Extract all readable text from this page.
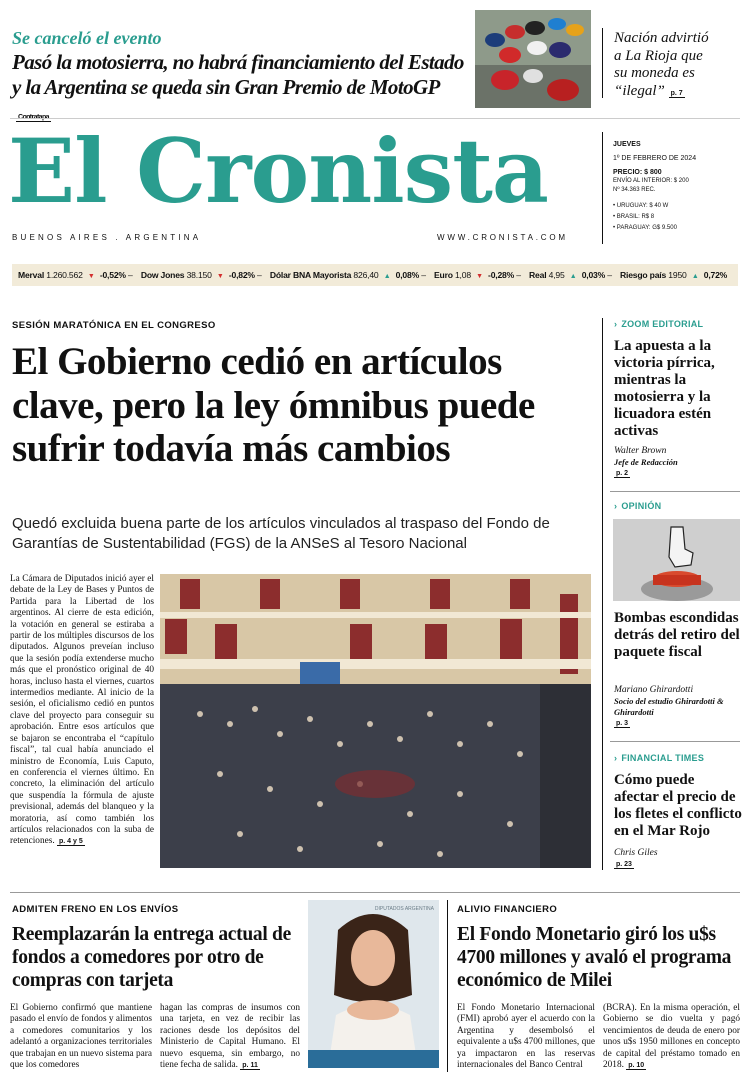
Se canceló el evento
Pasó la motosierra, no habrá financiamiento del Estado y la Argentina se queda sin Gran Premio de MotoGP
Nación advirtió a La Rioja que su moneda es “ilegal” p. 7
El Cronista
BUENOS AIRES . ARGENTINA	WWW.CRONISTA.COM
JUEVES
1º DE FEBRERO DE 2024
PRECIO: $ 800
ENVÍO AL INTERIOR: $ 200
Nº 34.363 REC.
• URUGUAY: $ 40 W
• BRASIL: R$ 8
• PARAGUAY: G$ 9.500
Merval 1.260.562 ▼ -0,52% – Dow Jones 38.150 ▼ -0,82% – Dólar BNA Mayorista 826,40 ▲ 0,08% – Euro 1,08 ▼ -0,28% – Real 4,95 ▲ 0,03% – Riesgo país 1950 ▲ 0,72%
SESIÓN MARATÓNICA EN EL CONGRESO
El Gobierno cedió en artículos clave, pero la ley ómnibus puede sufrir todavía más cambios
Quedó excluida buena parte de los artículos vinculados al traspaso del Fondo de Garantías de Sustentabilidad (FGS) de la ANSeS al Tesoro Nacional
La Cámara de Diputados inició ayer el debate de la Ley de Bases y Puntos de Partida para la Libertad de los argentinos. Al cierre de esta edición, la votación en general se estiraba a partir de los múltiples discursos de los diputados. Algunos preveían incluso que la sesión podía extenderse mucho más que el pronóstico original de 40 horas, incluso hasta el viernes, cuartos intermedios mediante. Al inicio de la sesión, el oficialismo cedió en puntos clave del proyecto para conseguir su aprobación. Entre esos artículos que se bajaron se encontraba el “capítulo fiscal”, tal cual había anunciado el ministro de Economía, Luis Caputo, en conferencia el viernes último. En concreto, la eliminación del artículo que suspendía la fórmula de ajuste previsional, además del blanqueo y la moratoria, así como también los artículos relacionados con la suba de retenciones. p. 4 y 5
› ZOOM EDITORIAL
La apuesta a la victoria pírrica, mientras la motosierra y la licuadora estén activas
Walter Brown
Jefe de Redacción
p. 2
› OPINIÓN
Bombas escondidas detrás del retiro del paquete fiscal
Mariano Ghirardotti
Socio del estudio Ghirardotti & Ghirardotti
p. 3
› FINANCIAL TIMES
Cómo puede afectar el precio de los fletes el conflicto en el Mar Rojo
Chris Giles
p. 23
ADMITEN FRENO EN LOS ENVÍOS
Reemplazarán la entrega actual de fondos a comedores por otro de compras con tarjeta
El Gobierno confirmó que mantiene pasado el envío de fondos y alimentos a comedores comunitarios y los adelantó a organizaciones territoriales que trabajan en un nuevo sistema para que los comedores
hagan las compras de insumos con una tarjeta, en vez de recibir las raciones desde los depósitos del Ministerio de Capital Humano. El nuevo esquema, sin embargo, no tiene fecha de salida. p. 11
DIPUTADOS ARGENTINA ALIVIO FINANCIERO
El Fondo Monetario giró los u$s 4700 millones y avaló el programa económico de Milei
El Fondo Monetario Internacional (FMI) aprobó ayer el acuerdo con la Argentina y desembolsó el equivalente a u$s 4700 millones, que ya impactaron en las reservas internacionales del Banco Central
(BCRA). En la misma operación, el Gobierno se dio vuelta y pagó vencimientos de deuda de enero por unos u$s 1950 millones en concepto de capital del préstamo tomado en 2018. p. 10
